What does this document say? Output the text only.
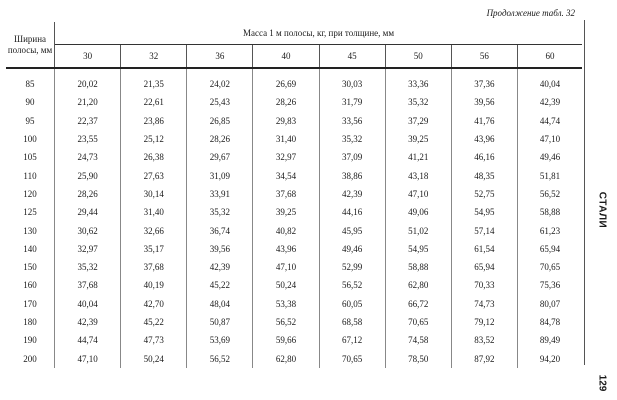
Продолжение табл. 32
Ширина полосы, мм	Масса 1 м полосы, кг, при толщине, мм							
	30	32	36	40	45	50	56	60
85	20,02	21,35	24,02	26,69	30,03	33,36	37,36	40,04
90	21,20	22,61	25,43	28,26	31,79	35,32	39,56	42,39
95	22,37	23,86	26,85	29,83	33,56	37,29	41,76	44,74
100	23,55	25,12	28,26	31,40	35,32	39,25	43,96	47,10
105	24,73	26,38	29,67	32,97	37,09	41,21	46,16	49,46
110	25,90	27,63	31,09	34,54	38,86	43,18	48,35	51,81
120	28,26	30,14	33,91	37,68	42,39	47,10	52,75	56,52
125	29,44	31,40	35,32	39,25	44,16	49,06	54,95	58,88
130	30,62	32,66	36,74	40,82	45,95	51,02	57,14	61,23
140	32,97	35,17	39,56	43,96	49,46	54,95	61,54	65,94
150	35,32	37,68	42,39	47,10	52,99	58,88	65,94	70,65
160	37,68	40,19	45,22	50,24	56,52	62,80	70,33	75,36
170	40,04	42,70	48,04	53,38	60,05	66,72	74,73	80,07
180	42,39	45,22	50,87	56,52	68,58	70,65	79,12	84,78
190	44,74	47,73	53,69	59,66	67,12	74,58	83,52	89,49
200	47,10	50,24	56,52	62,80	70,65	78,50	87,92	94,20
СТАЛИ
129
